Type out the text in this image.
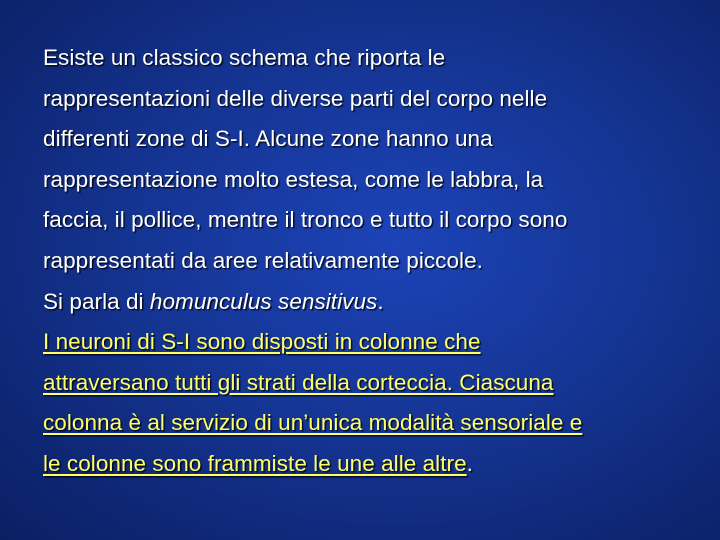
Esiste un classico schema che riporta le
rappresentazioni delle diverse parti del corpo nelle
differenti zone di S-I. Alcune zone hanno una
rappresentazione molto estesa, come le labbra, la
faccia, il pollice, mentre il tronco e tutto il corpo sono
rappresentati da aree relativamente piccole.
Si parla di homunculus sensitivus.
I neuroni di S-I sono disposti in colonne che
attraversano tutti gli strati della corteccia. Ciascuna
colonna è al servizio di un’unica modalità sensoriale e
le colonne sono frammiste le une alle altre.
